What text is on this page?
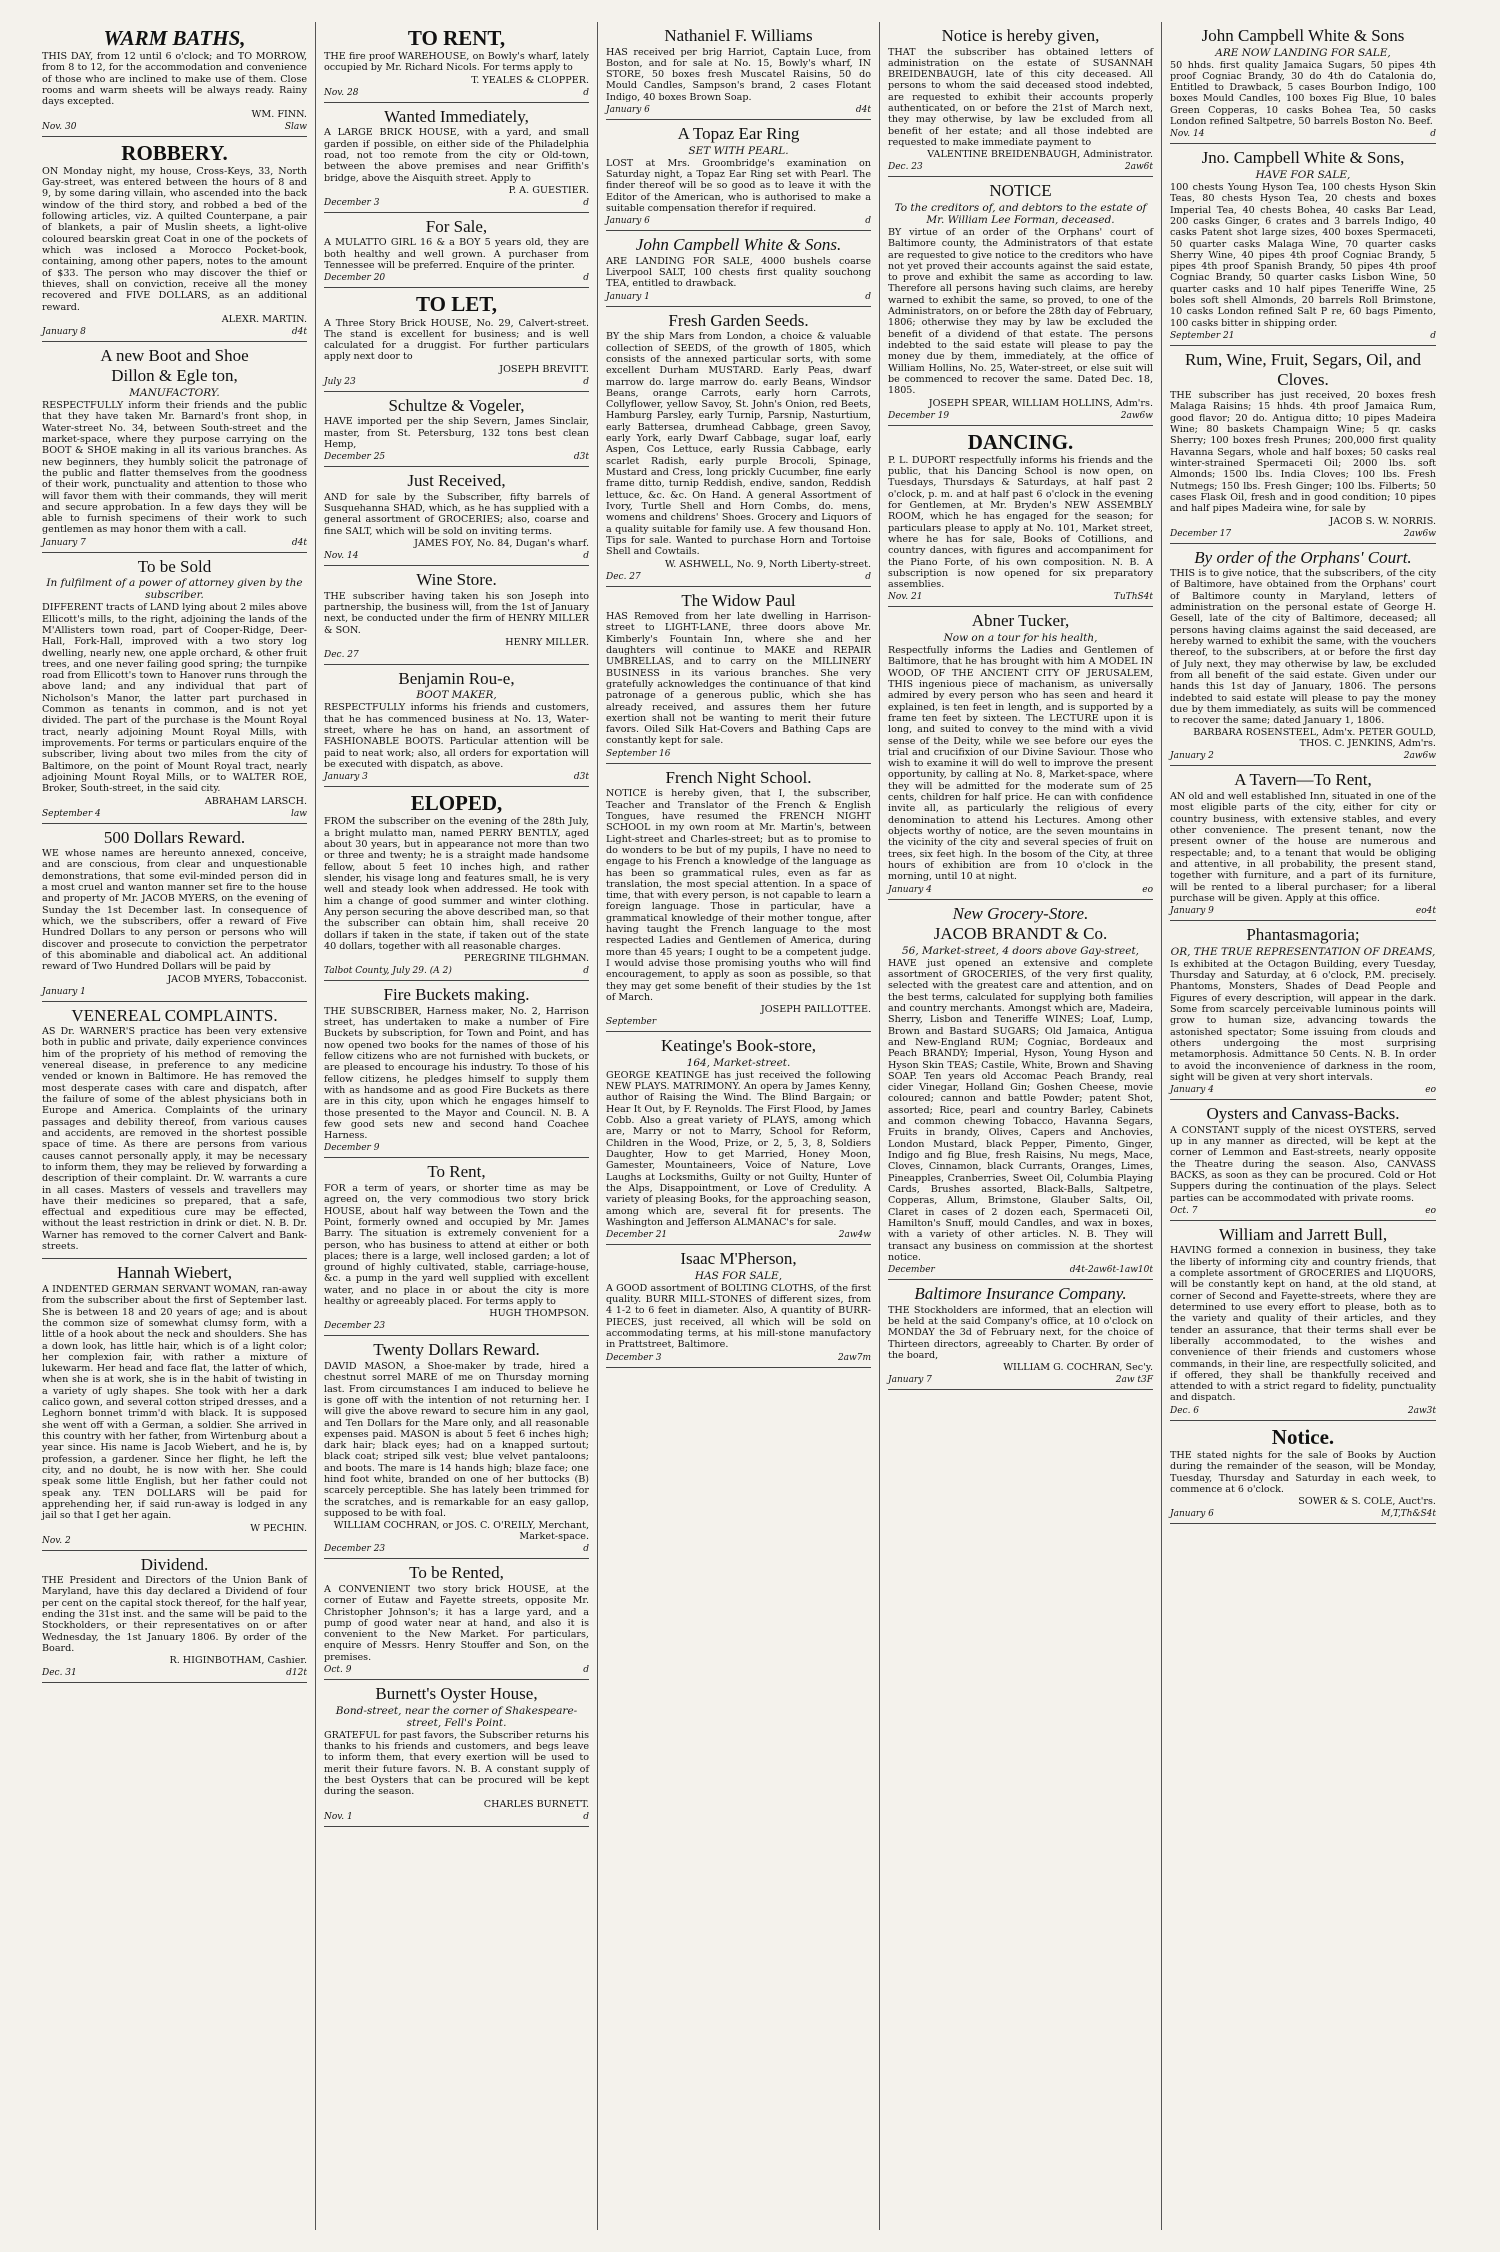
WARM BATHS,

THIS DAY, from 12 until 6 o'clock; and TO MORROW, from 8 to 12, for the accommodation and convenience of those who are inclined to make use of them. Close rooms and warm sheets will be always ready. Rainy days excepted.

WM. FINN.
Nov. 30	Slaw
ROBBERY.

ON Monday night, my house, Cross-Keys, 33, North Gay-street, was entered between the hours of 8 and 9, by some daring villain, who ascended into the back window of the third story, and robbed a bed of the following articles, viz. A quilted Counterpane, a pair of blankets, a pair of Muslin sheets, a light-olive coloured bearskin great Coat in one of the pockets of which was inclosed a Morocco Pocket-book, containing, among other papers, notes to the amount of $33. The person who may discover the thief or thieves, shall on conviction, receive all the money recovered and FIVE DOLLARS, as an additional reward.

ALEXR. MARTIN.
January 8	d4t
A new Boot and Shoe
Dillon & Egle ton,
MANUFACTORY.

RESPECTFULLY inform their friends and the public that they have taken Mr. Barnard's front shop, in Water-street No. 34, between South-street and the market-space, where they purpose carrying on the BOOT & SHOE making in all its various branches. As new beginners, they humbly solicit the patronage of the public and flatter themselves from the goodness of their work, punctuality and attention to those who will favor them with their commands, they will merit and secure approbation. In a few days they will be able to furnish specimens of their work to such gentlemen as may honor them with a call.

January 7	d4t
To be Sold
In fulfilment of a power of attorney given by the subscriber.

DIFFERENT tracts of LAND lying about 2 miles above Ellicott's mills, to the right, adjoining the lands of the M'Allisters town road, part of Cooper-Ridge, Deer-Hall, Fork-Hall, improved with a two story log dwelling, nearly new, one apple orchard, & other fruit trees, and one never failing good spring; the turnpike road from Ellicott's town to Hanover runs through the above land; and any individual that part of Nicholson's Manor, the latter part purchased in Common as tenants in common, and is not yet divided. The part of the purchase is the Mount Royal tract, nearly adjoining Mount Royal Mills, with improvements. For terms or particulars enquire of the subscriber, living about two miles from the city of Baltimore, on the point of Mount Royal tract, nearly adjoining Mount Royal Mills, or to WALTER ROE, Broker, South-street, in the said city.

ABRAHAM LARSCH.
September 4	law
500 Dollars Reward.

WE whose names are hereunto annexed, conceive, and are conscious, from clear and unquestionable demonstrations, that some evil-minded person did in a most cruel and wanton manner set fire to the house and property of Mr. JACOB MYERS, on the evening of Sunday the 1st December last. In consequence of which, we the subscribers, offer a reward of Five Hundred Dollars to any person or persons who will discover and prosecute to conviction the perpetrator of this abominable and diabolical act. An additional reward of Two Hundred Dollars will be paid by

JACOB MYERS, Tobacconist.
January 1
VENEREAL COMPLAINTS.

AS Dr. WARNER'S practice has been very extensive both in public and private, daily experience convinces him of the propriety of his method of removing the venereal disease, in preference to any medicine vended or known in Baltimore. He has removed the most desperate cases with care and dispatch, after the failure of some of the ablest physicians both in Europe and America. Complaints of the urinary passages and debility thereof, from various causes and accidents, are removed in the shortest possible space of time. As there are persons from various causes cannot personally apply, it may be necessary to inform them, they may be relieved by forwarding a description of their complaint. Dr. W. warrants a cure in all cases. Masters of vessels and travellers may have their medicines so prepared, that a safe, effectual and expeditious cure may be effected, without the least restriction in drink or diet. N. B. Dr. Warner has removed to the corner Calvert and Bank-streets.

Hannah Wiebert,

A INDENTED GERMAN SERVANT WOMAN, ran-away from the subscriber about the first of September last. She is between 18 and 20 years of age; and is about the common size of somewhat clumsy form, with a little of a hook about the neck and shoulders. She has a down look, has little hair, which is of a light color; her complexion fair, with rather a mixture of lukewarm. Her head and face flat, the latter of which, when she is at work, she is in the habit of twisting in a variety of ugly shapes. She took with her a dark calico gown, and several cotton striped dresses, and a Leghorn bonnet trimm'd with black. It is supposed she went off with a German, a soldier. She arrived in this country with her father, from Wirtenburg about a year since. His name is Jacob Wiebert, and he is, by profession, a gardener. Since her flight, he left the city, and no doubt, he is now with her. She could speak some little English, but her father could not speak any. TEN DOLLARS will be paid for apprehending her, if said run-away is lodged in any jail so that I get her again.

W PECHIN.
Nov. 2
Dividend.

THE President and Directors of the Union Bank of Maryland, have this day declared a Dividend of four per cent on the capital stock thereof, for the half year, ending the 31st inst. and the same will be paid to the Stockholders, or their representatives on or after Wednesday, the 1st January 1806. By order of the Board.

R. HIGINBOTHAM, Cashier.
Dec. 31	d12t
TO RENT,

THE fire proof WAREHOUSE, on Bowly's wharf, lately occupied by Mr. Richard Nicols. For terms apply to

T. YEALES & CLOPPER.
Nov. 28	d
Wanted Immediately,

A LARGE BRICK HOUSE, with a yard, and small garden if possible, on either side of the Philadelphia road, not too remote from the city or Old-town, between the above premises and near Griffith's bridge, above the Aisquith street. Apply to

P. A. GUESTIER.
December 3	d
For Sale,

A MULATTO GIRL 16 & a BOY 5 years old, they are both healthy and well grown. A purchaser from Tennessee will be preferred. Enquire of the printer.

December 20	d
TO LET,

A Three Story Brick HOUSE, No. 29, Calvert-street. The stand is excellent for business; and is well calculated for a druggist. For further particulars apply next door to

JOSEPH BREVITT.
July 23	d
Schultze & Vogeler,

HAVE imported per the ship Severn, James Sinclair, master, from St. Petersburg, 132 tons best clean Hemp,

December 25	d3t
Just Received,

AND for sale by the Subscriber, fifty barrels of Susquehanna SHAD, which, as he has supplied with a general assortment of GROCERIES; also, coarse and fine SALT, which will be sold on inviting terms.

JAMES FOY, No. 84, Dugan's wharf.
Nov. 14	d
Wine Store.

THE subscriber having taken his son Joseph into partnership, the business will, from the 1st of January next, be conducted under the firm of HENRY MILLER & SON.

HENRY MILLER.
Dec. 27
Benjamin Rou-e,
BOOT MAKER,

RESPECTFULLY informs his friends and customers, that he has commenced business at No. 13, Water-street, where he has on hand, an assortment of FASHIONABLE BOOTS. Particular attention will be paid to neat work; also, all orders for exportation will be executed with dispatch, as above.

January 3	d3t
ELOPED,

FROM the subscriber on the evening of the 28th July, a bright mulatto man, named PERRY BENTLY, aged about 30 years, but in appearance not more than two or three and twenty; he is a straight made handsome fellow, about 5 feet 10 inches high, and rather slender, his visage long and features small, he is very well and steady look when addressed. He took with him a change of good summer and winter clothing. Any person securing the above described man, so that the subscriber can obtain him, shall receive 20 dollars if taken in the state, if taken out of the state 40 dollars, together with all reasonable charges.

PEREGRINE TILGHMAN.
Talbot County, July 29. (A 2)	d
Fire Buckets making.

THE SUBSCRIBER, Harness maker, No. 2, Harrison street, has undertaken to make a number of Fire Buckets by subscription, for Town and Point, and has now opened two books for the names of those of his fellow citizens who are not furnished with buckets, or are pleased to encourage his industry. To those of his fellow citizens, he pledges himself to supply them with as handsome and as good Fire Buckets as there are in this city, upon which he engages himself to those presented to the Mayor and Council. N. B. A few good sets new and second hand Coachee Harness.

December 9
To Rent,

FOR a term of years, or shorter time as may be agreed on, the very commodious two story brick HOUSE, about half way between the Town and the Point, formerly owned and occupied by Mr. James Barry. The situation is extremely convenient for a person, who has business to attend at either or both places; there is a large, well inclosed garden; a lot of ground of highly cultivated, stable, carriage-house, &c. a pump in the yard well supplied with excellent water, and no place in or about the city is more healthy or agreeably placed. For terms apply to

HUGH THOMPSON.
December 23
Twenty Dollars Reward.

DAVID MASON, a Shoe-maker by trade, hired a chestnut sorrel MARE of me on Thursday morning last. From circumstances I am induced to believe he is gone off with the intention of not returning her. I will give the above reward to secure him in any gaol, and Ten Dollars for the Mare only, and all reasonable expenses paid. MASON is about 5 feet 6 inches high; dark hair; black eyes; had on a knapped surtout; black coat; striped silk vest; blue velvet pantaloons; and boots. The mare is 14 hands high; blaze face; one hind foot white, branded on one of her buttocks (B) scarcely perceptible. She has lately been trimmed for the scratches, and is remarkable for an easy gallop, supposed to be with foal.

WILLIAM COCHRAN, or JOS. C. O'REILY, Merchant, Market-space.
December 23	d
To be Rented,

A CONVENIENT two story brick HOUSE, at the corner of Eutaw and Fayette streets, opposite Mr. Christopher Johnson's; it has a large yard, and a pump of good water near at hand, and also it is convenient to the New Market. For particulars, enquire of Messrs. Henry Stouffer and Son, on the premises.

Oct. 9	d
Burnett's Oyster House,
Bond-street, near the corner of Shakespeare-street, Fell's Point.

GRATEFUL for past favors, the Subscriber returns his thanks to his friends and customers, and begs leave to inform them, that every exertion will be used to merit their future favors. N. B. A constant supply of the best Oysters that can be procured will be kept during the season.

CHARLES BURNETT.
Nov. 1	d
Nathaniel F. Williams

HAS received per brig Harriot, Captain Luce, from Boston, and for sale at No. 15, Bowly's wharf, IN STORE, 50 boxes fresh Muscatel Raisins, 50 do Mould Candles, Sampson's brand, 2 cases Flotant Indigo, 40 boxes Brown Soap.

January 6	d4t
A Topaz Ear Ring
SET WITH PEARL.

LOST at Mrs. Groombridge's examination on Saturday night, a Topaz Ear Ring set with Pearl. The finder thereof will be so good as to leave it with the Editor of the American, who is authorised to make a suitable compensation therefor if required.

January 6	d
John Campbell White & Sons.

ARE LANDING FOR SALE, 4000 bushels coarse Liverpool SALT, 100 chests first quality souchong TEA, entitled to drawback.

January 1	d
Fresh Garden Seeds.

BY the ship Mars from London, a choice & valuable collection of SEEDS, of the growth of 1805, which consists of the annexed particular sorts, with some excellent Durham MUSTARD. Early Peas, dwarf marrow do. large marrow do. early Beans, Windsor Beans, orange Carrots, early horn Carrots, Collyflower, yellow Savoy, St. John's Onion, red Beets, Hamburg Parsley, early Turnip, Parsnip, Nasturtium, early Battersea, drumhead Cabbage, green Savoy, early York, early Dwarf Cabbage, sugar loaf, early Aspen, Cos Lettuce, early Russia Cabbage, early scarlet Radish, early purple Brocoli, Spinage, Mustard and Cress, long prickly Cucumber, fine early frame ditto, turnip Reddish, endive, sandon, Reddish lettuce, &c. &c. On Hand. A general Assortment of Ivory, Turtle Shell and Horn Combs, do. mens, womens and childrens' Shoes. Grocery and Liquors of a quality suitable for family use. A few thousand Hon. Tips for sale. Wanted to purchase Horn and Tortoise Shell and Cowtails.

W. ASHWELL, No. 9, North Liberty-street.
Dec. 27	d
The Widow Paul

HAS Removed from her late dwelling in Harrison-street to LIGHT-LANE, three doors above Mr. Kimberly's Fountain Inn, where she and her daughters will continue to MAKE and REPAIR UMBRELLAS, and to carry on the MILLINERY BUSINESS in its various branches. She very gratefully acknowledges the continuance of that kind patronage of a generous public, which she has already received, and assures them her future exertion shall not be wanting to merit their future favors. Oiled Silk Hat-Covers and Bathing Caps are constantly kept for sale.

September 16
French Night School.

NOTICE is hereby given, that I, the subscriber, Teacher and Translator of the French & English Tongues, have resumed the FRENCH NIGHT SCHOOL in my own room at Mr. Martin's, between Light-street and Charles-street; but as to promise to do wonders to be but of my pupils, I have no need to engage to his French a knowledge of the language as has been so grammatical rules, even as far as translation, the most special attention. In a space of time, that with every person, is not capable to learn a foreign language. Those in particular, have a grammatical knowledge of their mother tongue, after having taught the French language to the most respected Ladies and Gentlemen of America, during more than 45 years; I ought to be a competent judge. I would advise those promising youths who will find encouragement, to apply as soon as possible, so that they may get some benefit of their studies by the 1st of March.

JOSEPH PAILLOTTEE.
September
Keatinge's Book-store,
164, Market-street.

GEORGE KEATINGE has just received the following NEW PLAYS. MATRIMONY. An opera by James Kenny, author of Raising the Wind. The Blind Bargain; or Hear It Out, by F. Reynolds. The First Flood, by James Cobb. Also a great variety of PLAYS, among which are, Marry or not to Marry, School for Reform, Children in the Wood, Prize, or 2, 5, 3, 8, Soldiers Daughter, How to get Married, Honey Moon, Gamester, Mountaineers, Voice of Nature, Love Laughs at Locksmiths, Guilty or not Guilty, Hunter of the Alps, Disappointment, or Love of Credulity. A variety of pleasing Books, for the approaching season, among which are, several fit for presents. The Washington and Jefferson ALMANAC's for sale.

December 21	2aw4w
Isaac M'Pherson,
HAS FOR SALE,

A GOOD assortment of BOLTING CLOTHS, of the first quality. BURR MILL-STONES of different sizes, from 4 1-2 to 6 feet in diameter. Also, A quantity of BURR-PIECES, just received, all which will be sold on accommodating terms, at his mill-stone manufactory in Prattstreet, Baltimore.

December 3	2aw7m
Notice is hereby given,

THAT the subscriber has obtained letters of administration on the estate of SUSANNAH BREIDENBAUGH, late of this city deceased. All persons to whom the said deceased stood indebted, are requested to exhibit their accounts properly authenticated, on or before the 21st of March next, they may otherwise, by law be excluded from all benefit of her estate; and all those indebted are requested to make immediate payment to

VALENTINE BREIDENBAUGH, Administrator.
Dec. 23	2aw6t
NOTICE
To the creditors of, and debtors to the estate of Mr. William Lee Forman, deceased.

BY virtue of an order of the Orphans' court of Baltimore county, the Administrators of that estate are requested to give notice to the creditors who have not yet proved their accounts against the said estate, to prove and exhibit the same as according to law. Therefore all persons having such claims, are hereby warned to exhibit the same, so proved, to one of the Administrators, on or before the 28th day of February, 1806; otherwise they may by law be excluded the benefit of a dividend of that estate. The persons indebted to the said estate will please to pay the money due by them, immediately, at the office of William Hollins, No. 25, Water-street, or else suit will be commenced to recover the same. Dated Dec. 18, 1805.

JOSEPH SPEAR, WILLIAM HOLLINS, Adm'rs.
December 19	2aw6w
DANCING.

P. L. DUPORT respectfully informs his friends and the public, that his Dancing School is now open, on Tuesdays, Thursdays & Saturdays, at half past 2 o'clock, p. m. and at half past 6 o'clock in the evening for Gentlemen, at Mr. Bryden's NEW ASSEMBLY ROOM, which he has engaged for the season; for particulars please to apply at No. 101, Market street, where he has for sale, Books of Cotillions, and country dances, with figures and accompaniment for the Piano Forte, of his own composition. N. B. A subscription is now opened for six preparatory assemblies.

Nov. 21	TuThS4t
Abner Tucker,
Now on a tour for his health,

Respectfully informs the Ladies and Gentlemen of Baltimore, that he has brought with him A MODEL IN WOOD, OF THE ANCIENT CITY OF JERUSALEM, THIS ingenious piece of machanism, as universally admired by every person who has seen and heard it explained, is ten feet in length, and is supported by a frame ten feet by sixteen. The LECTURE upon it is long, and suited to convey to the mind with a vivid sense of the Deity, while we see before our eyes the trial and crucifixion of our Divine Saviour. Those who wish to examine it will do well to improve the present opportunity, by calling at No. 8, Market-space, where they will be admitted for the moderate sum of 25 cents, children for half price. He can with confidence invite all, as particularly the religious of every denomination to attend his Lectures. Among other objects worthy of notice, are the seven mountains in the vicinity of the city and several species of fruit on trees, six feet high. In the bosom of the City, at three hours of exhibition are from 10 o'clock in the morning, until 10 at night.

January 4	eo
New Grocery-Store.
JACOB BRANDT & Co.
56, Market-street, 4 doors above Gay-street,

HAVE just opened an extensive and complete assortment of GROCERIES, of the very first quality, selected with the greatest care and attention, and on the best terms, calculated for supplying both families and country merchants. Amongst which are, Madeira, Sherry, Lisbon and Teneriffe WINES; Loaf, Lump, Brown and Bastard SUGARS; Old Jamaica, Antigua and New-England RUM; Cogniac, Bordeaux and Peach BRANDY; Imperial, Hyson, Young Hyson and Hyson Skin TEAS; Castile, White, Brown and Shaving SOAP. Ten years old Accomac Peach Brandy, real cider Vinegar, Holland Gin; Goshen Cheese, movie coloured; cannon and battle Powder; patent Shot, assorted; Rice, pearl and country Barley, Cabinets and common chewing Tobacco, Havanna Segars, Fruits in brandy, Olives, Capers and Anchovies, London Mustard, black Pepper, Pimento, Ginger, Indigo and fig Blue, fresh Raisins, Nu megs, Mace, Cloves, Cinnamon, black Currants, Oranges, Limes, Pineapples, Cranberries, Sweet Oil, Columbia Playing Cards, Brushes assorted, Black-Balls, Saltpetre, Copperas, Allum, Brimstone, Glauber Salts, Oil, Claret in cases of 2 dozen each, Spermaceti Oil, Hamilton's Snuff, mould Candles, and wax in boxes, with a variety of other articles. N. B. They will transact any business on commission at the shortest notice.

December	d4t-2aw6t-1aw10t
Baltimore Insurance Company.

THE Stockholders are informed, that an election will be held at the said Company's office, at 10 o'clock on MONDAY the 3d of February next, for the choice of Thirteen directors, agreeably to Charter. By order of the board,

WILLIAM G. COCHRAN, Sec'y.
January 7	2aw t3F
John Campbell White & Sons
ARE NOW LANDING FOR SALE,

50 hhds. first quality Jamaica Sugars, 50 pipes 4th proof Cogniac Brandy, 30 do 4th do Catalonia do, Entitled to Drawback, 5 cases Bourbon Indigo, 100 boxes Mould Candles, 100 boxes Fig Blue, 10 bales Green Copperas, 10 casks Bohea Tea, 50 casks London refined Saltpetre, 50 barrels Boston No. Beef.

Nov. 14	d
Jno. Campbell White & Sons,
HAVE FOR SALE,

100 chests Young Hyson Tea, 100 chests Hyson Skin Teas, 80 chests Hyson Tea, 20 chests and boxes Imperial Tea, 40 chests Bohea, 40 casks Bar Lead, 200 casks Ginger, 6 crates and 3 barrels Indigo, 40 casks Patent shot large sizes, 400 boxes Spermaceti, 50 quarter casks Malaga Wine, 70 quarter casks Sherry Wine, 40 pipes 4th proof Cogniac Brandy, 5 pipes 4th proof Spanish Brandy, 50 pipes 4th proof Cogniac Brandy, 50 quarter casks Lisbon Wine, 50 quarter casks and 10 half pipes Teneriffe Wine, 25 boles soft shell Almonds, 20 barrels Roll Brimstone, 10 casks London refined Salt P re, 60 bags Pimento, 100 casks bitter in shipping order.

September 21	d
Rum, Wine, Fruit, Segars, Oil, and Cloves.

THE subscriber has just received, 20 boxes fresh Malaga Raisins; 15 hhds. 4th proof Jamaica Rum, good flavor; 20 do. Antigua ditto; 10 pipes Madeira Wine; 80 baskets Champaign Wine; 5 qr. casks Sherry; 100 boxes fresh Prunes; 200,000 first quality Havanna Segars, whole and half boxes; 50 casks real winter-strained Spermaceti Oil; 2000 lbs. soft Almonds; 1500 lbs. India Cloves; 100 lbs. Fresh Nutmegs; 150 lbs. Fresh Ginger; 100 lbs. Filberts; 50 cases Flask Oil, fresh and in good condition; 10 pipes and half pipes Madeira wine, for sale by

JACOB S. W. NORRIS.
December 17	2aw6w
By order of the Orphans' Court.

THIS is to give notice, that the subscribers, of the city of Baltimore, have obtained from the Orphans' court of Baltimore county in Maryland, letters of administration on the personal estate of George H. Gesell, late of the city of Baltimore, deceased; all persons having claims against the said deceased, are hereby warned to exhibit the same, with the vouchers thereof, to the subscribers, at or before the first day of July next, they may otherwise by law, be excluded from all benefit of the said estate. Given under our hands this 1st day of January, 1806. The persons indebted to said estate will please to pay the money due by them immediately, as suits will be commenced to recover the same; dated January 1, 1806.

BARBARA ROSENSTEEL, Adm'x. PETER GOULD, THOS. C. JENKINS, Adm'rs.
January 2	2aw6w
A Tavern—To Rent,

AN old and well established Inn, situated in one of the most eligible parts of the city, either for city or country business, with extensive stables, and every other convenience. The present tenant, now the present owner of the house are numerous and respectable; and, to a tenant that would be obliging and attentive, in all probability, the present stand, together with furniture, and a part of its furniture, will be rented to a liberal purchaser; for a liberal purchase will be given. Apply at this office.

January 9	eo4t
Phantasmagoria;
OR, THE TRUE REPRESENTATION OF DREAMS,

Is exhibited at the Octagon Building, every Tuesday, Thursday and Saturday, at 6 o'clock, P.M. precisely. Phantoms, Monsters, Shades of Dead People and Figures of every description, will appear in the dark. Some from scarcely perceivable luminous points will grow to human size, advancing towards the astonished spectator; Some issuing from clouds and others undergoing the most surprising metamorphosis. Admittance 50 Cents. N. B. In order to avoid the inconvenience of darkness in the room, sight will be given at very short intervals.

January 4	eo
Oysters and Canvass-Backs.

A CONSTANT supply of the nicest OYSTERS, served up in any manner as directed, will be kept at the corner of Lemmon and East-streets, nearly opposite the Theatre during the season. Also, CANVASS BACKS, as soon as they can be procured. Cold or Hot Suppers during the continuation of the plays. Select parties can be accommodated with private rooms.

Oct. 7	eo
William and Jarrett Bull,

HAVING formed a connexion in business, they take the liberty of informing city and country friends, that a complete assortment of GROCERIES and LIQUORS, will be constantly kept on hand, at the old stand, at corner of Second and Fayette-streets, where they are determined to use every effort to please, both as to the variety and quality of their articles, and they tender an assurance, that their terms shall ever be liberally accommodated, to the wishes and convenience of their friends and customers whose commands, in their line, are respectfully solicited, and if offered, they shall be thankfully received and attended to with a strict regard to fidelity, punctuality and dispatch.

Dec. 6	2aw3t
Notice.

THE stated nights for the sale of Books by Auction during the remainder of the season, will be Monday, Tuesday, Thursday and Saturday in each week, to commence at 6 o'clock.

SOWER & S. COLE, Auct'rs.
January 6	M,T,Th&S4t
